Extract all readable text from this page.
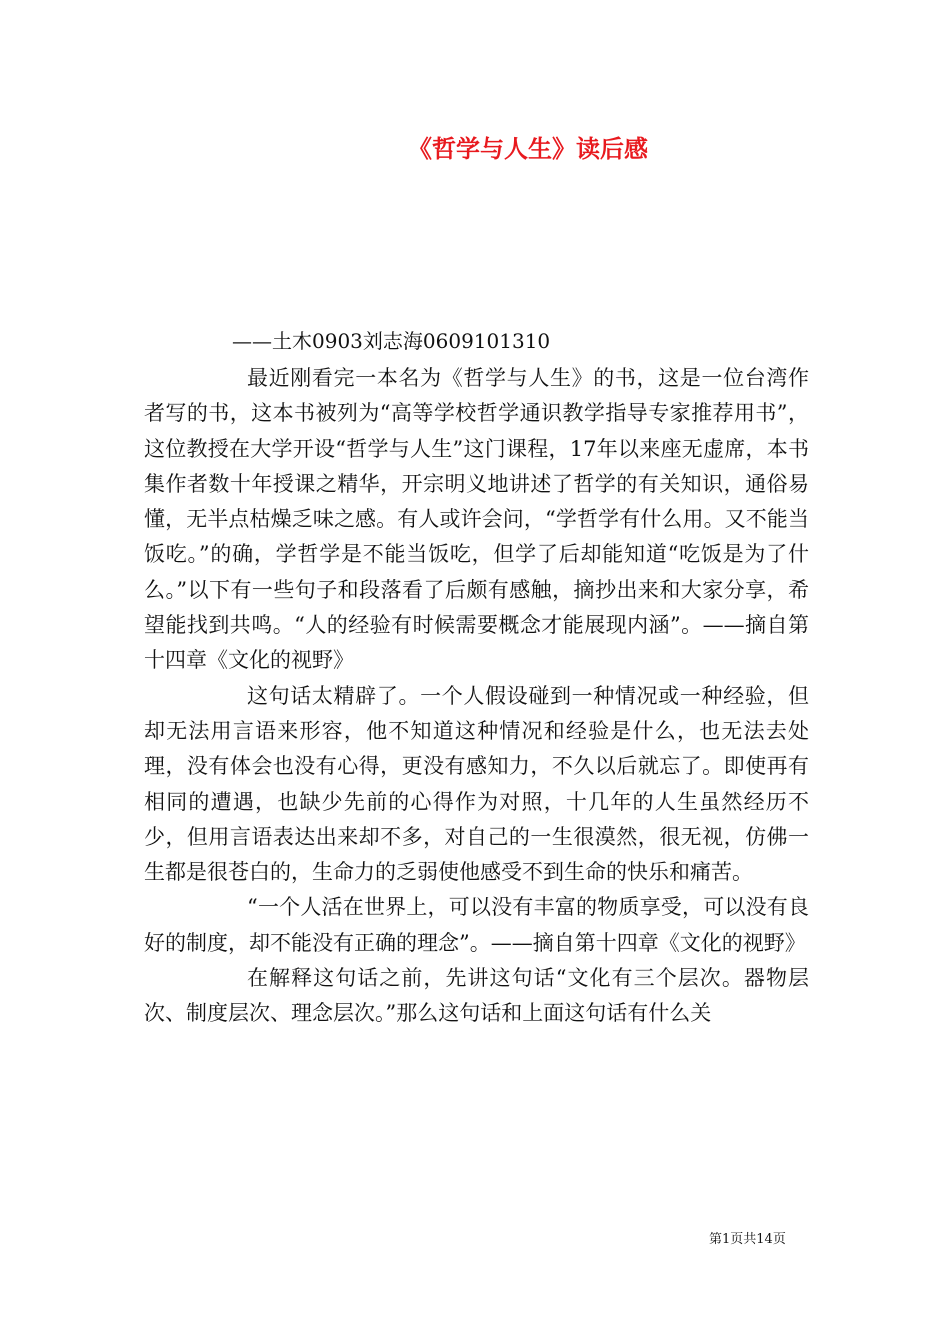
《哲学与人生》读后感
——土木0903刘志海0609101310

最近刚看完一本名为《哲学与人生》的书，这是一位台湾作者写的书，这本书被列为“高等学校哲学通识教学指导专家推荐用书”，这位教授在大学开设“哲学与人生”这门课程，17年以来座无虚席，本书集作者数十年授课之精华，开宗明义地讲述了哲学的有关知识，通俗易懂，无半点枯燥乏味之感。有人或许会问，“学哲学有什么用。又不能当饭吃。”的确，学哲学是不能当饭吃，但学了后却能知道“吃饭是为了什么。”以下有一些句子和段落看了后颇有感触，摘抄出来和大家分享，希望能找到共鸣。“人的经验有时候需要概念才能展现内涵”。——摘自第十四章《文化的视野》

这句话太精辟了。一个人假设碰到一种情况或一种经验，但却无法用言语来形容，他不知道这种情况和经验是什么，也无法去处理，没有体会也没有心得，更没有感知力，不久以后就忘了。即使再有相同的遭遇，也缺少先前的心得作为对照，十几年的人生虽然经历不少，但用言语表达出来却不多，对自己的一生很漠然，很无视，仿佛一生都是很苍白的，生命力的乏弱使他感受不到生命的快乐和痛苦。

“一个人活在世界上，可以没有丰富的物质享受，可以没有良好的制度，却不能没有正确的理念”。——摘自第十四章《文化的视野》

在解释这句话之前，先讲这句话“文化有三个层次。器物层次、制度层次、理念层次。”那么这句话和上面这句话有什么关

第1页共14页
